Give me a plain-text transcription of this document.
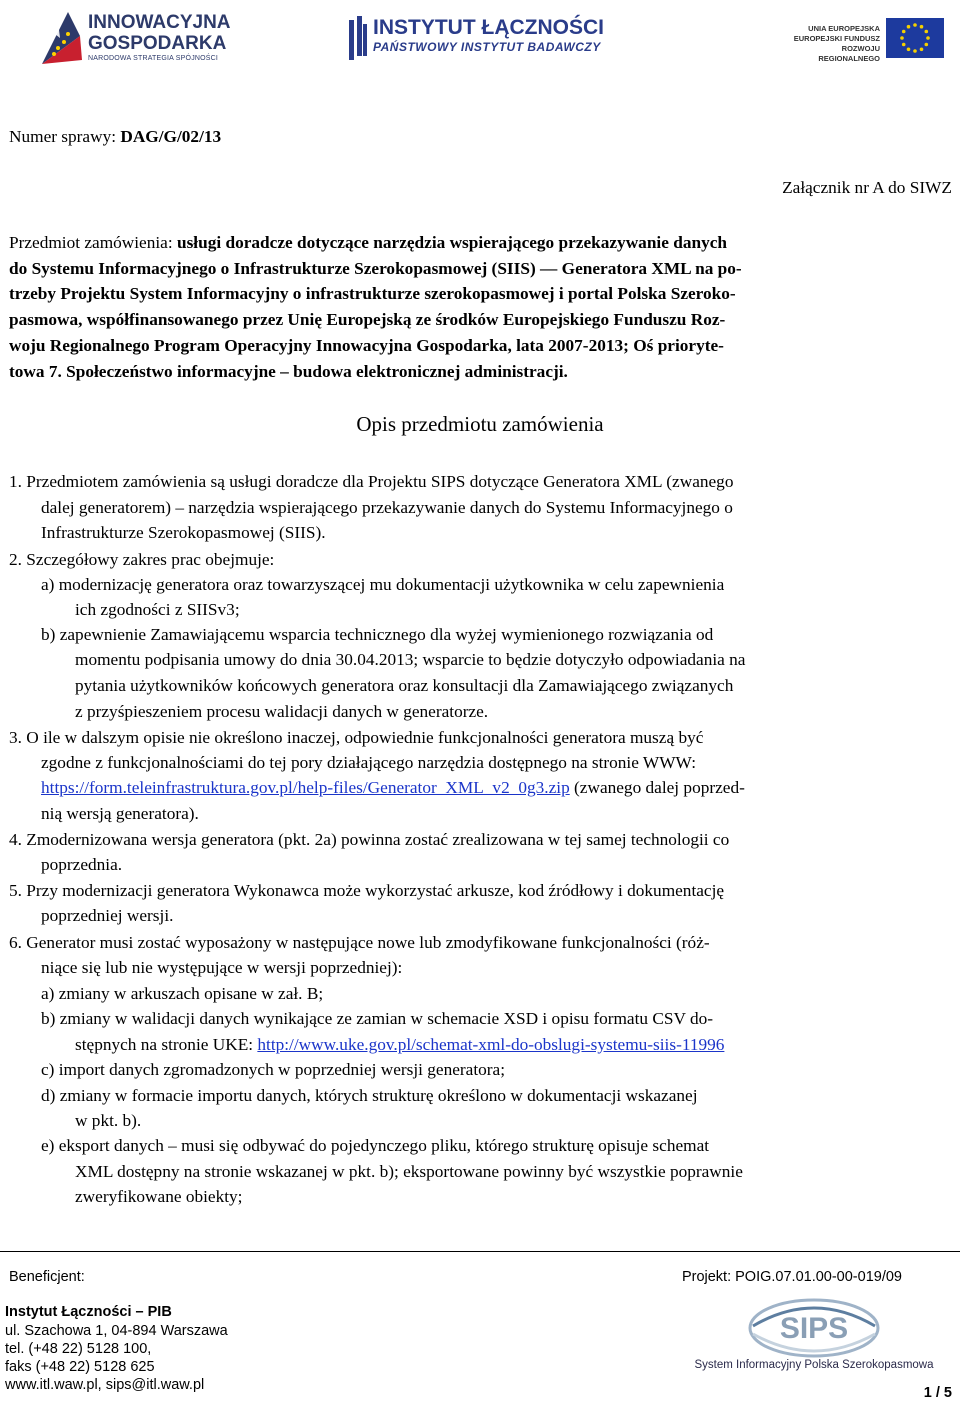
INNOWACYJNA
GOSPODARKA
NARODOWA STRATEGIA SPÓJNOŚCI
INSTYTUT ŁĄCZNOŚCI
PAŃSTWOWY INSTYTUT BADAWCZY
UNIA EUROPEJSKA
EUROPEJSKI FUNDUSZ
ROZWOJU REGIONALNEGO
Numer sprawy: DAG/G/02/13
Załącznik nr A do SIWZ
Przedmiot zamówienia: usługi doradcze dotyczące narzędzia wspierającego przekazywanie danych
do Systemu Informacyjnego o Infrastrukturze Szerokopasmowej (SIIS) — Generatora XML na po-
trzeby Projektu System Informacyjny o infrastrukturze szerokopasmowej i portal Polska Szeroko-
pasmowa, współfinansowanego przez Unię Europejską ze środków Europejskiego Funduszu Roz-
woju Regionalnego Program Operacyjny Innowacyjna Gospodarka, lata 2007-2013; Oś prioryte-
towa 7. Społeczeństwo informacyjne – budowa elektronicznej administracji.
Opis przedmiotu zamówienia
1. Przedmiotem zamówienia są usługi doradcze dla Projektu SIPS dotyczące Generatora XML (zwanego
dalej generatorem) – narzędzia wspierającego przekazywanie danych do Systemu Informacyjnego o
Infrastrukturze Szerokopasmowej (SIIS).
2. Szczegółowy zakres prac obejmuje:
a) modernizację generatora oraz towarzyszącej mu dokumentacji użytkownika w celu zapewnienia
ich zgodności z SIISv3;
b) zapewnienie Zamawiającemu wsparcia technicznego dla wyżej wymienionego rozwiązania od
momentu podpisania umowy do dnia 30.04.2013; wsparcie to będzie dotyczyło odpowiadania na
pytania użytkowników końcowych generatora oraz konsultacji dla Zamawiającego związanych
z przyśpieszeniem procesu walidacji danych w generatorze.
3. O ile w dalszym opisie nie określono inaczej, odpowiednie funkcjonalności generatora muszą być
zgodne z funkcjonalnościami do tej pory działającego narzędzia dostępnego na stronie WWW:
https://form.teleinfrastruktura.gov.pl/help-files/Generator_XML_v2_0g3.zip (zwanego dalej poprzed-
nią wersją generatora).
4. Zmodernizowana wersja generatora (pkt. 2a) powinna zostać zrealizowana w tej samej technologii co
poprzednia.
5. Przy modernizacji generatora Wykonawca może wykorzystać arkusze, kod źródłowy i dokumentację
poprzedniej wersji.
6. Generator musi zostać wyposażony w następujące nowe lub zmodyfikowane funkcjonalności (róż-
niące się lub nie występujące w wersji poprzedniej):
a) zmiany w arkuszach opisane w zał. B;
b) zmiany w walidacji danych wynikające ze zamian w schemacie XSD i opisu formatu CSV do-
stępnych na stronie UKE: http://www.uke.gov.pl/schemat-xml-do-obslugi-systemu-siis-11996
c) import danych zgromadzonych w poprzedniej wersji generatora;
d) zmiany w formacie importu danych, których strukturę określono w dokumentacji wskazanej
w pkt. b).
e) eksport danych – musi się odbywać do pojedynczego pliku, którego strukturę opisuje schemat
XML dostępny na stronie wskazanej w pkt. b); eksportowane powinny być wszystkie poprawnie
zweryfikowane obiekty;
Beneficjent:	Projekt: POIG.07.01.00-00-019/09
Instytut Łączności – PIB
ul. Szachowa 1, 04-894 Warszawa
tel. (+48 22) 5128 100,
faks (+48 22) 5128 625
www.itl.waw.pl, sips@itl.waw.pl
SIPS
System Informacyjny Polska Szerokopasmowa
1 / 5
